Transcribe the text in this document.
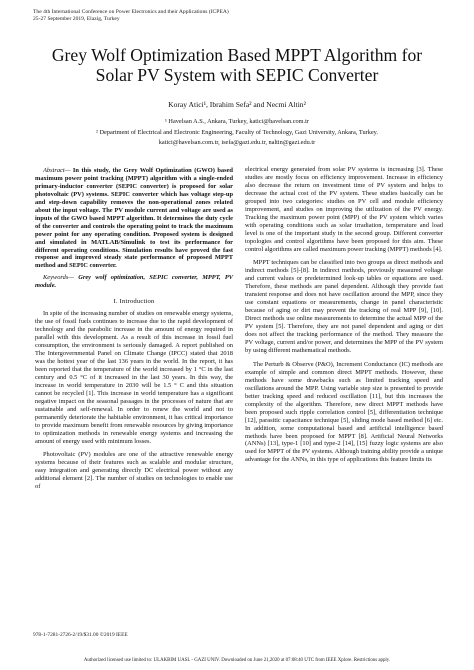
The 4th International Conference on Power Electronics and their Applications (ICPEA)
25-27 September 2019, Elazig, Turkey
Grey Wolf Optimization Based MPPT Algorithm for
Solar PV System with SEPIC Converter
Koray Atici¹, Ibrahim Sefa² and Necmi Altin²
¹ Havelsan A.S., Ankara, Turkey, katici@havelsan.com.tr
² Department of Electrical and Electronic Engineering, Faculty of Technology, Gazi University, Ankara, Turkey.
katici@havelsan.com.tr, isefa@gazi.edu.tr, naltin@gazi.edu.tr

Abstract— In this study, the Grey Wolf Optimization (GWO) based maximum power point tracking (MPPT) algorithm with a single-ended primary-inductor converter (SEPIC converter) is proposed for solar photovoltaic (PV) systems. SEPIC converter which has voltage step-up and step-down capability removes the non-operational zones related about the input voltage. The PV module current and voltage are used as inputs of the GWO based MPPT algorithm. It determines the duty cycle of the converter and controls the operating point to track the maximum power point for any operating condition. Proposed system is designed and simulated in MATLAB/Simulink to test its performance for different operating conditions. Simulation results have proved the fast response and improved steady state performance of proposed MPPT method and SEPIC converter.

Keywords— Grey wolf optimization, SEPIC converter, MPPT, PV module.

I. Introduction

In spite of the increasing number of studies on renewable energy systems, the use of fossil fuels continues to increase due to the rapid development of technology and the parabolic increase in the amount of energy required in parallel with this development. As a result of this increase in fossil fuel consumption, the environment is seriously damaged. A report published on The Intergovernmental Panel on Climate Change (IPCC) stated that 2018 was the hottest year of the last 136 years in the world. In the report, it has been reported that the temperature of the world increased by 1 °C in the last century and 0.5 °C of it increased in the last 30 years. In this way, the increase in world temperature in 2030 will be 1.5 ° C and this situation cannot be recycled [1]. This increase in world temperature has a significant negative impact on the seasonal passages in the processes of nature that are sustainable and self-renewal. In order to renew the world and not to permanently deteriorate the habitable environment, it has critical importance to provide maximum benefit from renewable resources by giving importance to optimization methods in renewable energy systems and increasing the amount of energy used with minimum losses.

Photovoltaic (PV) modules are one of the attractive renewable energy systems because of their features such as scalable and modular structure, easy integration and generating directly DC electrical power without any additional element [2]. The number of studies on technologies to enable use of

electrical energy generated from solar PV systems is increasing [3]. These studies are mostly focus on efficiency improvement. Increase in efficiency also decrease the return on investment time of PV system and helps to decrease the actual cost of the PV system. These studies basically can be grouped into two categories: studies on PV cell and module efficiency improvement, and studies on improving the utilization of the PV energy. Tracking the maximum power point (MPP) of the PV system which varies with operating conditions such as solar irradiation, temperature and load level is one of the important study in the second group. Different converter topologies and control algorithms have been proposed for this aim. These control algorithms are called maximum power tracking (MPPT) methods [4].

MPPT techniques can be classified into two groups as direct methods and indirect methods [5]-[8]. In indirect methods, previously measured voltage and current values or predetermined look-up tables or equations are used. Therefore, these methods are panel dependent. Although they provide fast transient response and does not have oscillation around the MPP, since they use constant equations or measurements, change in panel characteristic because of aging or dirt may prevent the tracking of real MPP [9], [10]. Direct methods use online measurements to determine the actual MPP of the PV system [5]. Therefore, they are not panel dependent and aging or dirt does not affect the tracking performance of the method. They measure the PV voltage, current and/or power, and determines the MPP of the PV system by using different mathematical methods.

The Perturb & Observe (P&O), Increment Conductance (IC) methods are example of simple and common direct MPPT methods. However, these methods have some drawbacks such as limited tracking speed and oscillations around the MPP. Using variable step size is presented to provide better tracking speed and reduced oscillation [11], but this increases the complexity of the algorithm. Therefore, new direct MPPT methods have been proposed such ripple correlation control [5], differentiation technique [12], parasitic capacitance technique [5], sliding mode based method [6] etc. In addition, some computational based and artificial intelligence based methods have been proposed for MPPT [8]. Artificial Neural Networks (ANNs) [13], type-1 [10] and type-2 [14], [15] fuzzy logic systems are also used for MPPT of the PV systems. Although training ability provide a unique advantage for the ANNs, in this type of applications this feature limits its

978-1-7281-2726-2/19/$31.00 ©2019 IEEE
Authorized licensed use limited to: ULAKBIM UASL - GAZI UNIV. Downloaded on June 21,2020 at 07:08:40 UTC from IEEE Xplore. Restrictions apply.
